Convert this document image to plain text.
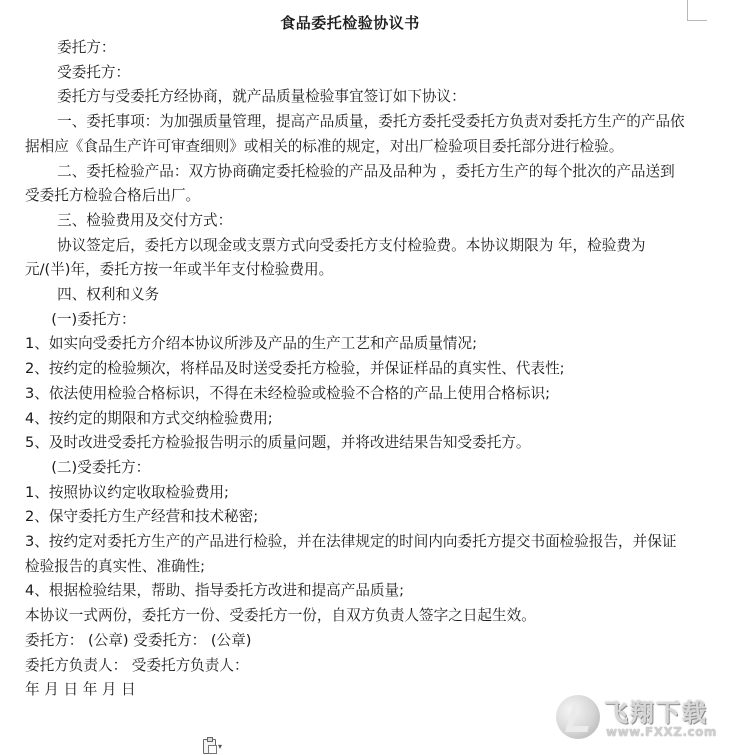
食品委托检验协议书

委托方：

受委托方：

委托方与受委托方经协商，就产品质量检验事宜签订如下协议：

一、委托事项：为加强质量管理，提高产品质量，委托方委托受委托方负责对委托方生产的产品依据相应《食品生产许可审查细则》或相关的标准的规定，对出厂检验项目委托部分进行检验。

二、委托检验产品：双方协商确定委托检验的产品及品种为 ，委托方生产的每个批次的产品送到受委托方检验合格后出厂。

三、检验费用及交付方式：

协议签定后，委托方以现金或支票方式向受委托方支付检验费。本协议期限为 年，检验费为 元/(半)年，委托方按一年或半年支付检验费用。

四、权利和义务

(一)委托方：

1、如实向受委托方介绍本协议所涉及产品的生产工艺和产品质量情况;

2、按约定的检验频次，将样品及时送受委托方检验，并保证样品的真实性、代表性;

3、依法使用检验合格标识，不得在未经检验或检验不合格的产品上使用合格标识;

4、按约定的期限和方式交纳检验费用;

5、及时改进受委托方检验报告明示的质量问题，并将改进结果告知受委托方。

(二)受委托方：

1、按照协议约定收取检验费用;

2、保守委托方生产经营和技术秘密;

3、按约定对委托方生产的产品进行检验，并在法律规定的时间内向委托方提交书面检验报告，并保证检验报告的真实性、准确性;

4、根据检验结果，帮助、指导委托方改进和提高产品质量;

本协议一式两份，委托方一份、受委托方一份，自双方负责人签字之日起生效。

委托方： (公章) 受委托方： (公章)

委托方负责人： 受委托方负责人：

年 月 日 年 月 日

▾
飞翔下载
www.FXXZ.com
